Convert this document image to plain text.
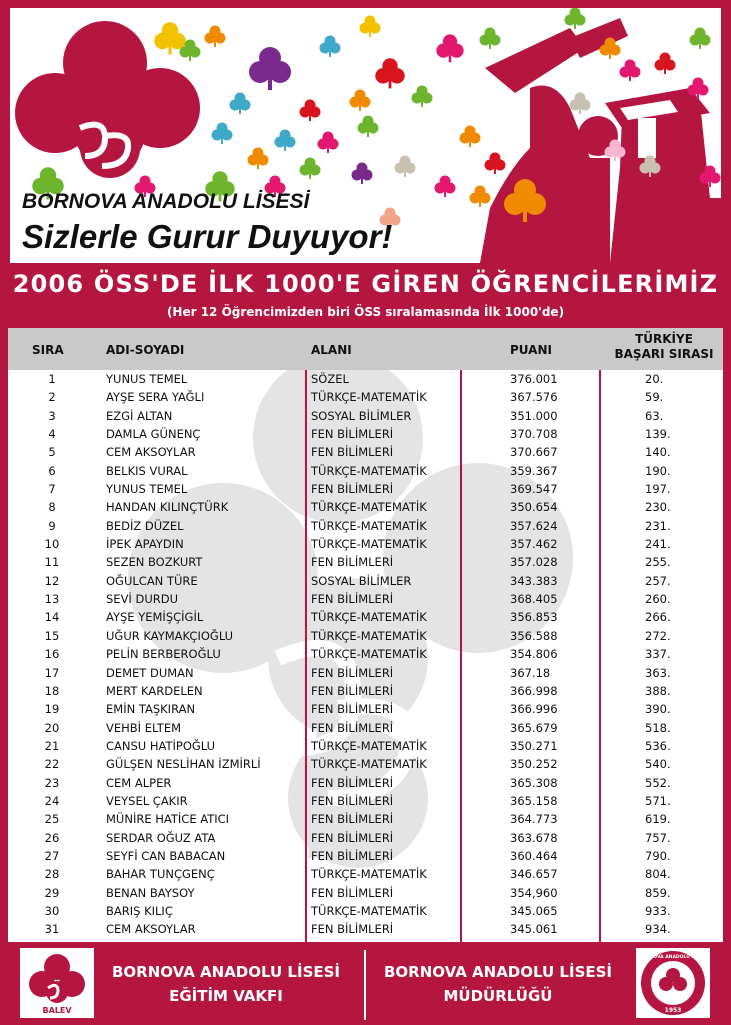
BORNOVA ANADOLU LİSESİ
Sizlerle Gurur Duyuyor!
2006 ÖSS'DE İLK 1000'E GİREN ÖĞRENCİLERİMİZ
(Her 12 Öğrencimizden biri ÖSS sıralamasında İlk 1000'de)
SIRA	ADI-SOYADI	ALANI	PUANI
TÜRKİYE
BAŞARI SIRASI
1	YUNUS TEMEL	SÖZEL	376.001	20.
2	AYŞE SERA YAĞLI	TÜRKÇE-MATEMATİK	367.576	59.
3	EZGİ ALTAN	SOSYAL BİLİMLER	351.000	63.
4	DAMLA GÜNENÇ	FEN BİLİMLERİ	370.708	139.
5	CEM AKSOYLAR	FEN BİLİMLERİ	370.667	140.
6	BELKIS VURAL	TÜRKÇE-MATEMATİK	359.367	190.
7	YUNUS TEMEL	FEN BİLİMLERİ	369.547	197.
8	HANDAN KILINÇTÜRK	TÜRKÇE-MATEMATİK	350.654	230.
9	BEDİZ DÜZEL	TÜRKÇE-MATEMATİK	357.624	231.
10	İPEK APAYDIN	TÜRKÇE-MATEMATİK	357.462	241.
11	SEZEN BOZKURT	FEN BİLİMLERİ	357.028	255.
12	OĞULCAN TÜRE	SOSYAL BİLİMLER	343.383	257.
13	SEVİ DURDU	FEN BİLİMLERİ	368.405	260.
14	AYŞE YEMİŞÇİGİL	TÜRKÇE-MATEMATİK	356.853	266.
15	UĞUR KAYMAKÇIOĞLU	TÜRKÇE-MATEMATİK	356.588	272.
16	PELİN BERBEROĞLU	TÜRKÇE-MATEMATİK	354.806	337.
17	DEMET DUMAN	FEN BİLİMLERİ	367.18	363.
18	MERT KARDELEN	FEN BİLİMLERİ	366.998	388.
19	EMİN TAŞKIRAN	FEN BİLİMLERİ	366.996	390.
20	VEHBİ ELTEM	FEN BİLİMLERİ	365.679	518.
21	CANSU HATİPOĞLU	TÜRKÇE-MATEMATİK	350.271	536.
22	GÜLŞEN NESLİHAN İZMİRLİ	TÜRKÇE-MATEMATİK	350.252	540.
23	CEM ALPER	FEN BİLİMLERİ	365.308	552.
24	VEYSEL ÇAKIR	FEN BİLİMLERİ	365.158	571.
25	MÜNİRE HATİCE ATICI	FEN BİLİMLERİ	364.773	619.
26	SERDAR OĞUZ ATA	FEN BİLİMLERİ	363.678	757.
27	SEYFİ CAN BABACAN	FEN BİLİMLERİ	360.464	790.
28	BAHAR TUNÇGENÇ	TÜRKÇE-MATEMATİK	346.657	804.
29	BENAN BAYSOY	FEN BİLİMLERİ	354,960	859.
30	BARIŞ KILIÇ	TÜRKÇE-MATEMATİK	345.065	933.
31	CEM AKSOYLAR	FEN BİLİMLERİ	345.061	934.
BALEV
BORNOVA ANADOLU LİSESİ
EĞİTİM VAKFI
BORNOVA ANADOLU LİSESİ
MÜDÜRLÜĞÜ
BORNOVA ANADOLU LİSESİ
1953
